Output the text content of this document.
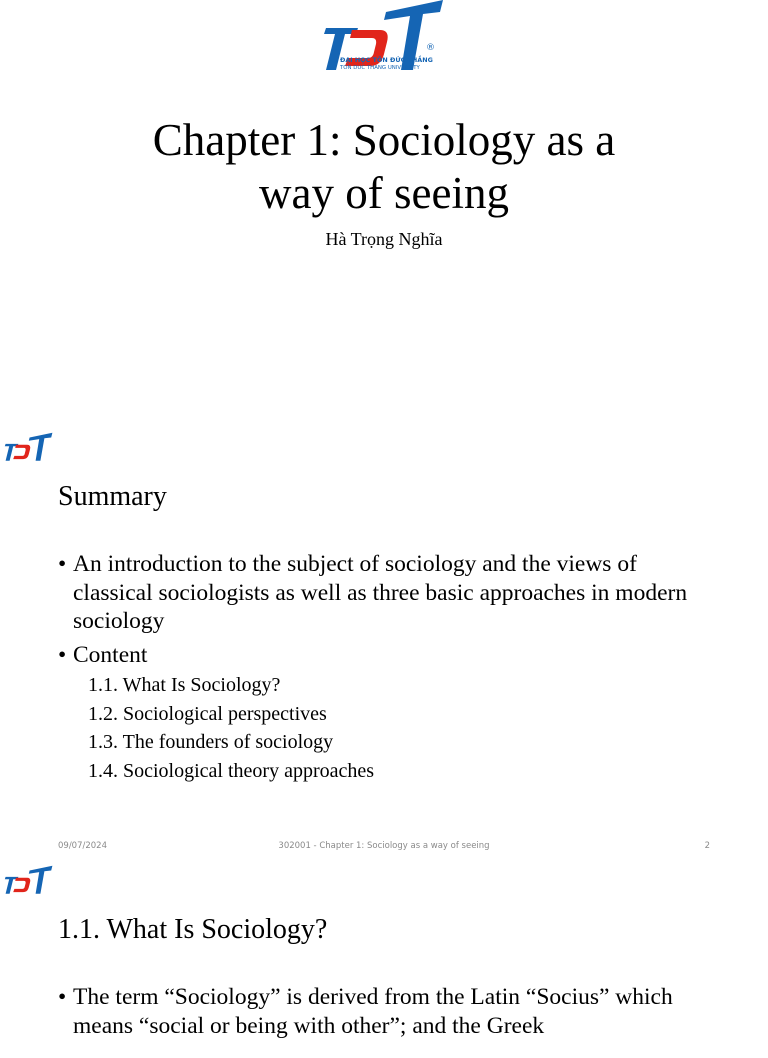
®
ĐẠI HỌC TÔN ĐỨC THẮNG
TON DUC THANG UNIVERSITY
Chapter 1: Sociology as a
way of seeing
Hà Trọng Nghĩa
Summary
• An introduction to the subject of sociology and the views of classical sociologists as well as three basic approaches in modern sociology
• Content
1.1. What Is Sociology?
1.2. Sociological perspectives
1.3. The founders of sociology
1.4. Sociological theory approaches
09/07/2024	302001 - Chapter 1: Sociology as a way of seeing	2
1.1. What Is Sociology?
• The term “Sociology” is derived from the Latin “Socius” which means “social or being with other”; and the Greek
